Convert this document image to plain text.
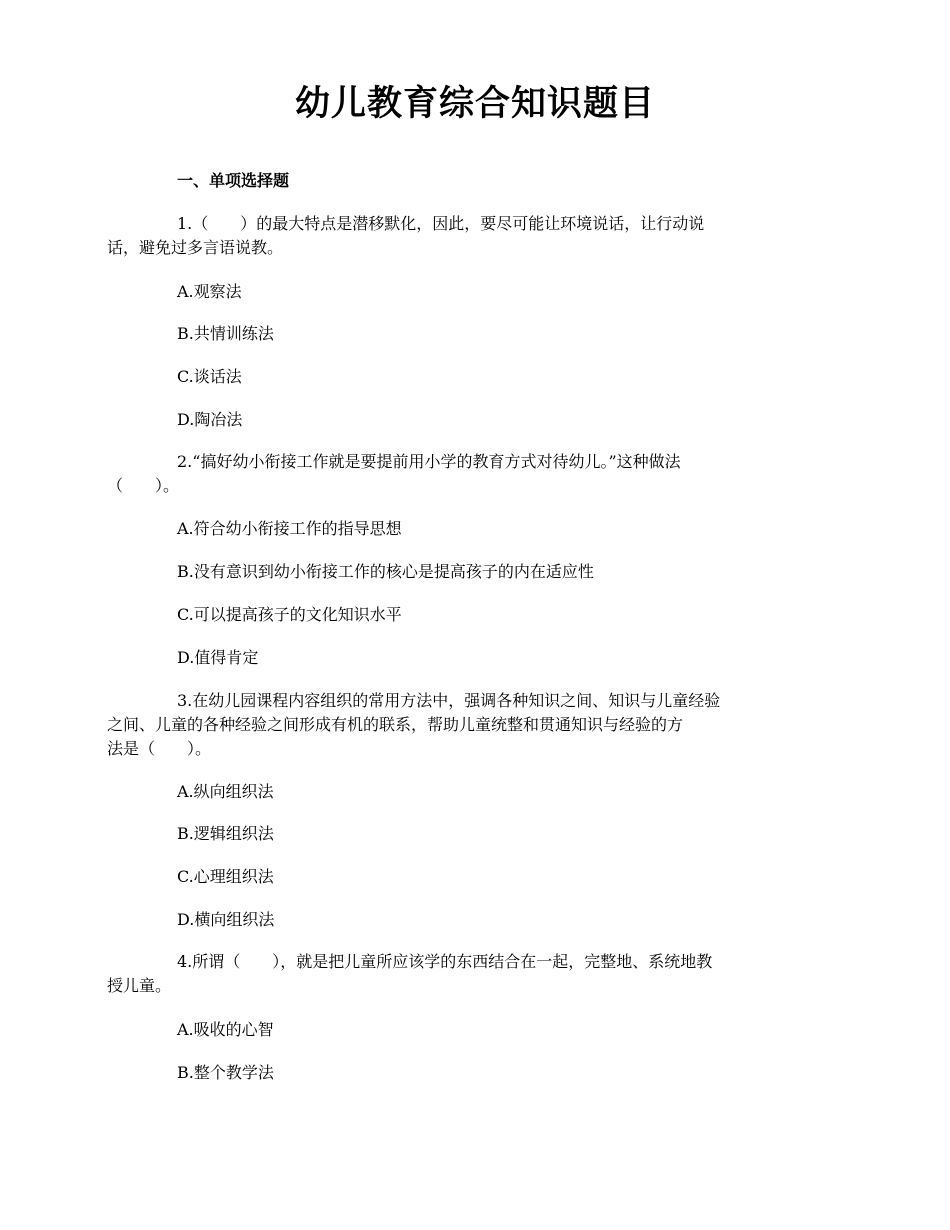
幼儿教育综合知识题目
一、单项选择题
1.（　　）的最大特点是潜移默化，因此，要尽可能让环境说话，让行动说
话，避免过多言语说教。
A.观察法
B.共情训练法
C.谈话法
D.陶冶法
2.“搞好幼小衔接工作就是要提前用小学的教育方式对待幼儿。”这种做法
（　　）。
A.符合幼小衔接工作的指导思想
B.没有意识到幼小衔接工作的核心是提高孩子的内在适应性
C.可以提高孩子的文化知识水平
D.值得肯定
3.在幼儿园课程内容组织的常用方法中，强调各种知识之间、知识与儿童经验
之间、儿童的各种经验之间形成有机的联系，帮助儿童统整和贯通知识与经验的方
法是（　　）。
A.纵向组织法
B.逻辑组织法
C.心理组织法
D.横向组织法
4.所谓（　　），就是把儿童所应该学的东西结合在一起，完整地、系统地教
授儿童。
A.吸收的心智
B.整个教学法
